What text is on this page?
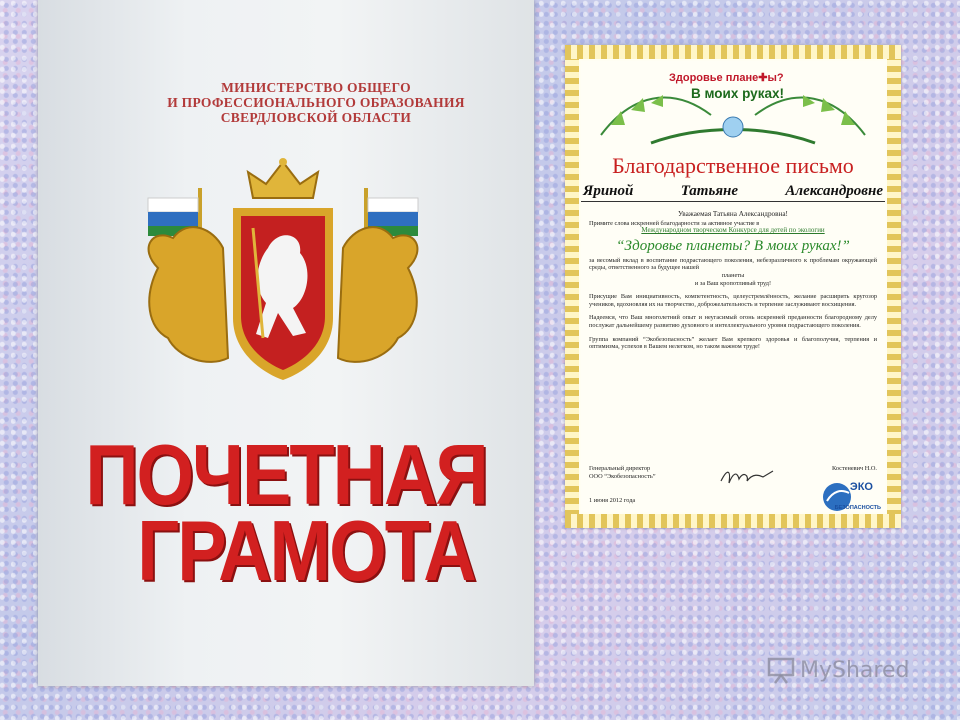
МИНИСТЕРСТВО ОБЩЕГО
И ПРОФЕССИОНАЛЬНОГО ОБРАЗОВАНИЯ
СВЕРДЛОВСКОЙ ОБЛАСТИ
ПОЧЕТНАЯ
ГРАМОТА
Здоровье плане✚ы?
В моих руках!
Благодарственное письмо
Яриной	Татьяне	Александровне
Уважаемая Татьяна Александровна!
Примите слова искренней благодарности за активное участие в
Международном творческом Конкурсе для детей по экологии
“Здоровье планеты? В моих руках!”
за весомый вклад в воспитание подрастающего поколения, небезразличного к проблемам окружающей среды, ответственного за будущее нашей
планеты
и за Ваш кропотливый труд!
Присущие Вам инициативность, компетентность, целеустремлённость, желание расширить кругозор учеников, вдохновляя их на творчество, доброжелательность и терпение заслуживают восхищения.
Надеемся, что Ваш многолетний опыт и неугасимый огонь искренней преданности благородному делу послужат дальнейшему развитию духовного и интеллектуального уровня подрастающего поколения.
Группа компаний “Экобезопасность” желает Вам крепкого здоровья и благополучия, терпения и оптимизма, успехов в Вашем нелегком, но таком важном труде!
Генеральный директор	Костеневич Н.О.
ООО “Экобезопасность”
1 июня 2012 года
ЭКО
БЕЗОПАСНОСТЬ
MyShared
